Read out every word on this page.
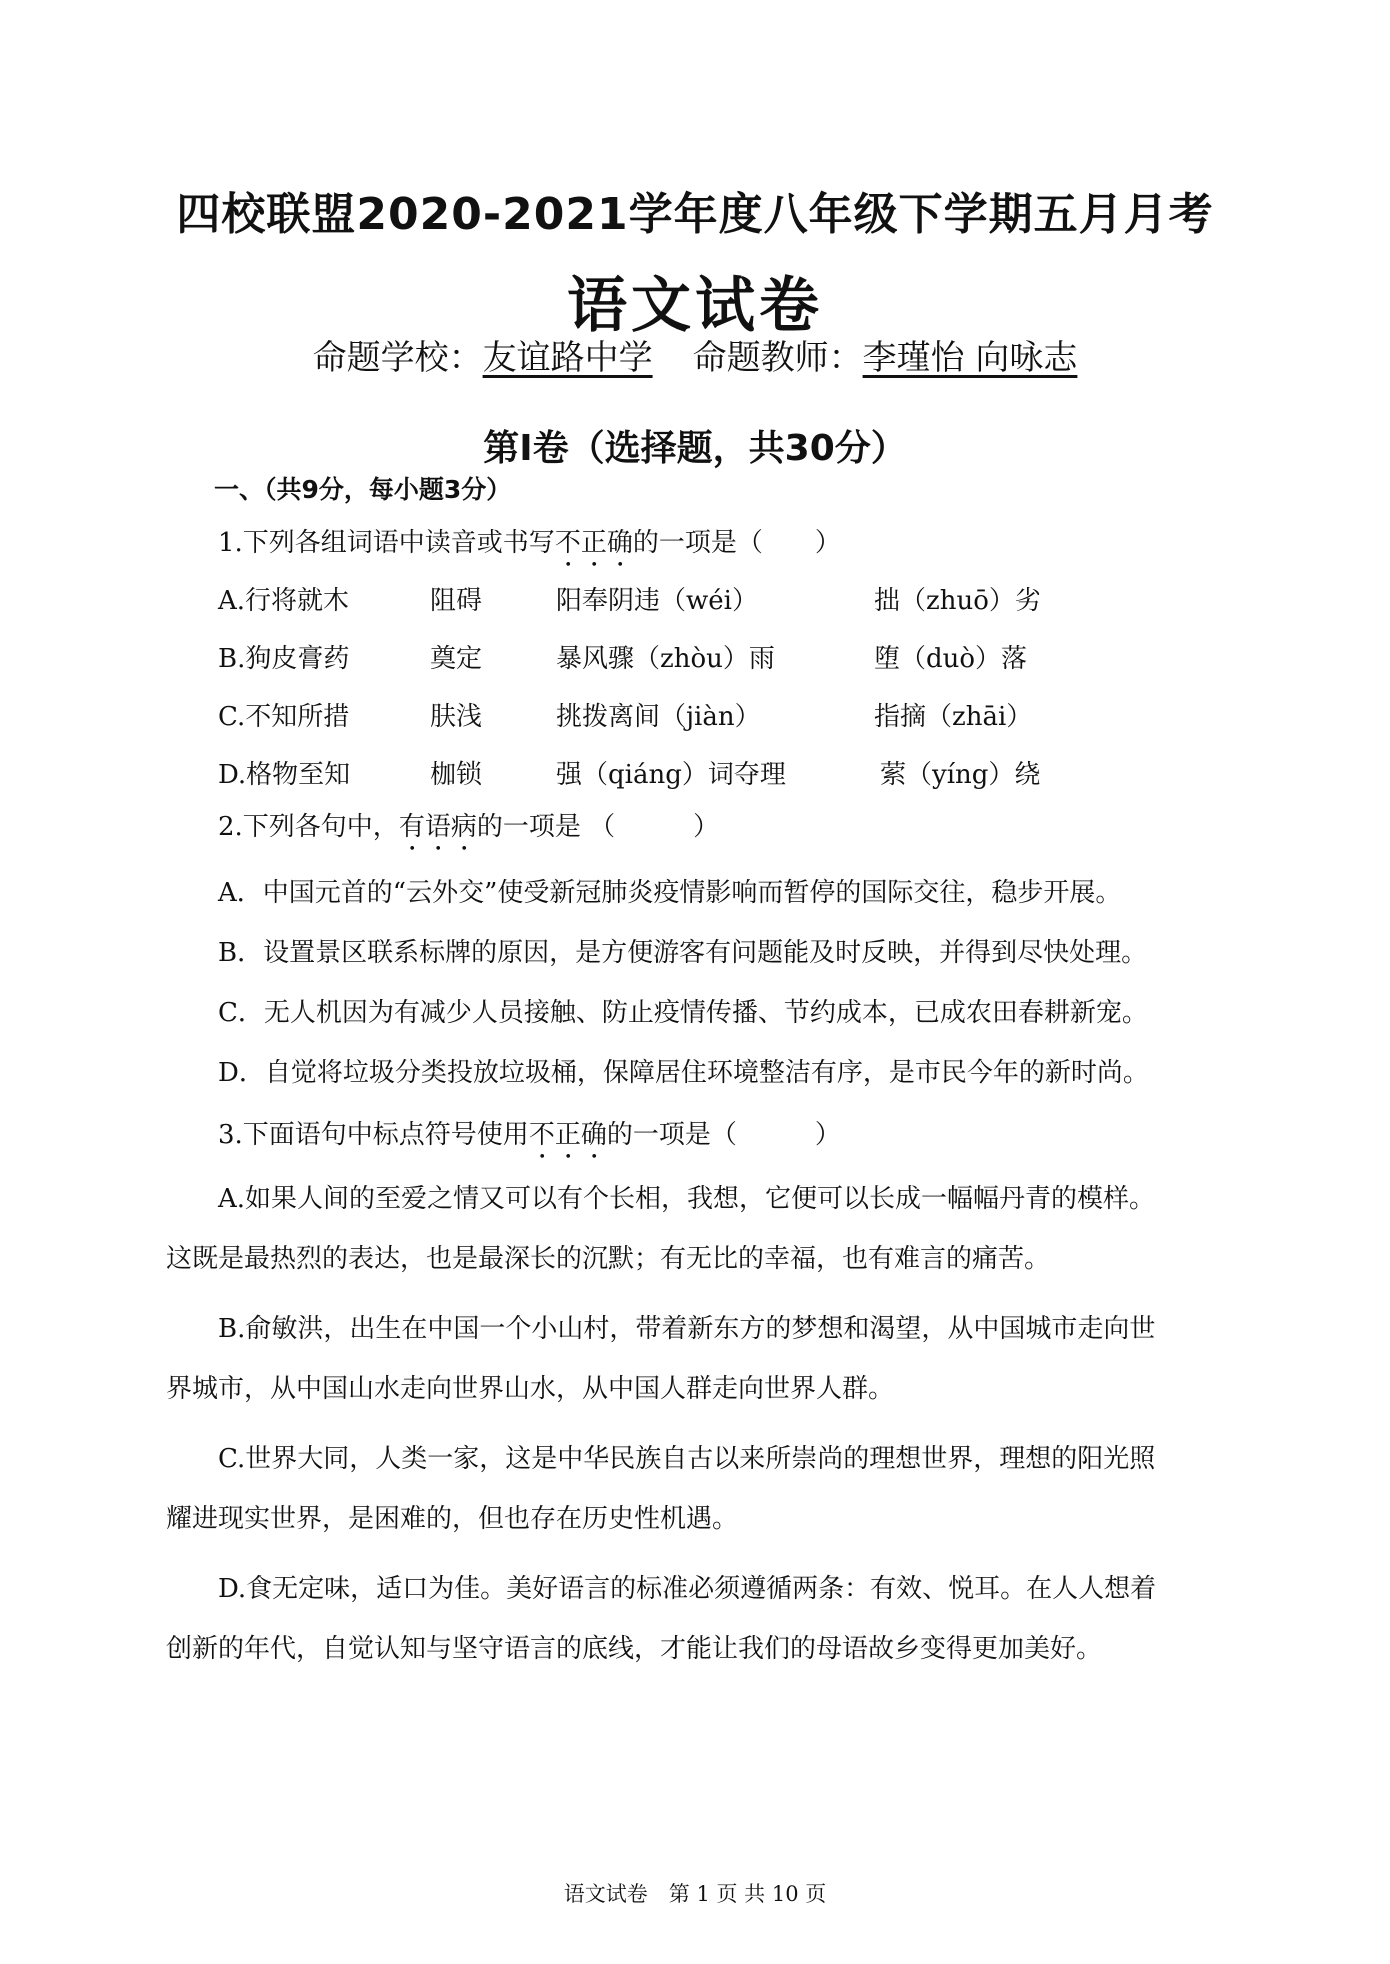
四校联盟2020-2021学年度八年级下学期五月月考
语文试卷
命题学校：友谊路中学 命题教师：李瑾怡 向咏志
第Ⅰ卷（选择题，共30分）
一、（共9分，每小题3分）
1.下列各组词语中读音或书写不正确的一项是（　　）
A.行将就木	阻碍	阳奉阴违（wéi）	拙（zhuō）劣
B.狗皮膏药	奠定	暴风骤（zhòu）雨	堕（duò）落
C.不知所措	肤浅	挑拨离间（jiàn）	指摘（zhāi）
D.格物至知	枷锁	强（qiáng）词夺理	萦（yíng）绕
2.下列各句中，有语病的一项是 （　　　）
A．中国元首的“云外交”使受新冠肺炎疫情影响而暂停的国际交往，稳步开展。
B．设置景区联系标牌的原因，是方便游客有问题能及时反映，并得到尽快处理。
C．无人机因为有减少人员接触、防止疫情传播、节约成本，已成农田春耕新宠。
D．自觉将垃圾分类投放垃圾桶，保障居住环境整洁有序，是市民今年的新时尚。
3.下面语句中标点符号使用不正确的一项是（　　　）
A.如果人间的至爱之情又可以有个长相，我想，它便可以长成一幅幅丹青的模样。
这既是最热烈的表达，也是最深长的沉默；有无比的幸福，也有难言的痛苦。
B.俞敏洪，出生在中国一个小山村，带着新东方的梦想和渴望，从中国城市走向世
界城市，从中国山水走向世界山水，从中国人群走向世界人群。
C.世界大同，人类一家，这是中华民族自古以来所崇尚的理想世界，理想的阳光照
耀进现实世界，是困难的，但也存在历史性机遇。
D.食无定味，适口为佳。美好语言的标准必须遵循两条：有效、悦耳。在人人想着
创新的年代，自觉认知与坚守语言的底线，才能让我们的母语故乡变得更加美好。
语文试卷　第 1 页 共 10 页
